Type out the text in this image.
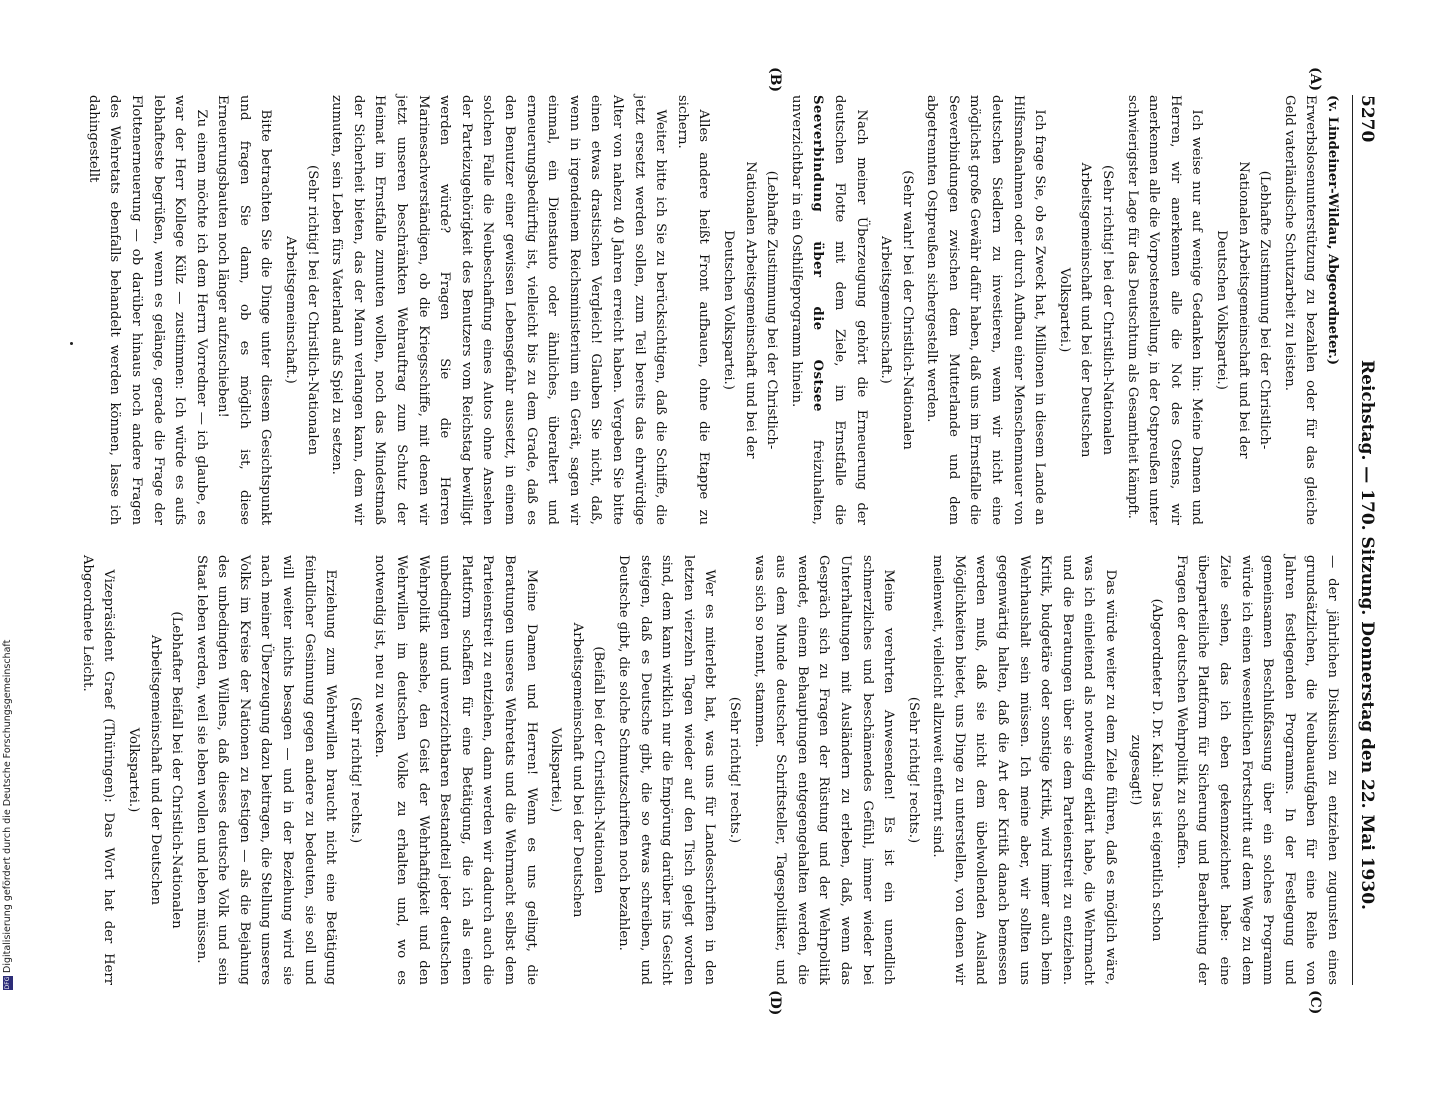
5270
Reichstag. — 170. Sitzung. Donnerstag den 22. Mai 1930.
(A)
(B)
(C)
(D)

(v. Lindeiner-Wildau, Abgeordneter.)

Erwerbslosenunterstützung zu bezahlen oder für das gleiche Geld vaterländische Schutzarbeit zu leisten.

(Lebhafte Zustimmung bei der Christlich-Nationalen Arbeitsgemeinschaft und bei der Deutschen Volkspartei.)

Ich weise nur auf wenige Gedanken hin: Meine Damen und Herren, wir anerkennen alle die Not des Ostens, wir anerkennen alle die Vorpostenstellung, in der Ostpreußen unter schwierigster Lage für das Deutschtum als Gesamtheit kämpft.

(Sehr richtig! bei der Christlich-Nationalen Arbeitsgemeinschaft und bei der Deutschen Volkspartei.)

Ich frage Sie, ob es Zweck hat, Millionen in diesem Lande an Hilfsmaßnahmen oder durch Aufbau einer Menschenmauer von deutschen Siedlern zu investieren, wenn wir nicht eine möglichst große Gewähr dafür haben, daß uns im Ernstfalle die Seeverbindungen zwischen dem Mutterlande und dem abgetrennten Ostpreußen sichergestellt werden.

(Sehr wahr! bei der Christlich-Nationalen Arbeitsgemeinschaft.)

Nach meiner Überzeugung gehört die Erneuerung der deutschen Flotte mit dem Ziele, im Ernstfalle die Seeverbindung über die Ostsee freizuhalten, unverzichtbar in ein Osthilfeprogramm hinein.

(Lebhafte Zustimmung bei der Christlich-Nationalen Arbeitsgemeinschaft und bei der Deutschen Volkspartei.)

Alles andere heißt Front aufbauen, ohne die Etappe zu sichern.

Weiter bitte ich Sie zu berücksichtigen, daß die Schiffe, die jetzt ersetzt werden sollen, zum Teil bereits das ehrwürdige Alter von nahezu 40 Jahren erreicht haben. Vergeben Sie bitte einen etwas drastischen Vergleich! Glauben Sie nicht, daß, wenn in irgendeinem Reichsministerium ein Gerät, sagen wir einmal, ein Dienstauto oder ähnliches, überaltert und erneuerungsbedürftig ist, vielleicht bis zu dem Grade, daß es den Benutzer einer gewissen Lebensgefahr aussetzt, in einem solchen Falle die Neubeschaffung eines Autos ohne Ansehen der Parteizugehörigkeit des Benutzers vom Reichstag bewilligt werden würde? Fragen Sie die Herren Marinesachverständigen, ob die Kriegsschiffe, mit denen wir jetzt unseren beschränkten Wehrauftrag zum Schutz der Heimat im Ernstfalle zumuten wollen, noch das Mindestmaß der Sicherheit bieten, das der Mann verlangen kann, dem wir zumuten, sein Leben fürs Vaterland aufs Spiel zu setzen.

(Sehr richtig! bei der Christlich-Nationalen Arbeitsgemeinschaft.)

Bitte betrachten Sie die Dinge unter diesem Gesichtspunkt und fragen Sie dann, ob es möglich ist, diese Erneuerungsbauten noch länger aufzuschieben!

Zu einem möchte ich dem Herrn Vorredner — ich glaube, es war der Herr Kollege Külz — zustimmen: Ich würde es aufs lebhafteste begrüßen, wenn es gelänge, gerade die Frage der Flottenerneuerung — ob darüber hinaus noch andere Fragen des Wehretats ebenfalls behandelt werden können, lasse ich dahingestellt

— der jährlichen Diskussion zu entziehen zugunsten eines grundsätzlichen, die Neubauaufgaben für eine Reihe von Jahren festlegenden Programms. In der Festlegung und gemeinsamen Beschlußfassung über ein solches Programm würde ich einen wesentlichen Fortschritt auf dem Wege zu dem Ziele sehen, das ich eben gekennzeichnet habe: eine überparteiliche Plattform für Sicherung und Bearbeitung der Fragen der deutschen Wehrpolitik zu schaffen.

(Abgeordneter D. Dr. Kahl: Das ist eigentlich schon zugesagt!)

Das würde weiter zu dem Ziele führen, daß es möglich wäre, was ich einleitend als notwendig erklärt habe, die Wehrmacht und die Beratungen über sie dem Parteienstreit zu entziehen. Kritik, budgetäre oder sonstige Kritik, wird immer auch beim Wehrhaushalt sein müssen. Ich meine aber, wir sollten uns gegenwärtig halten, daß die Art der Kritik danach bemessen werden muß, daß sie nicht dem übelwollenden Ausland Möglichkeiten bietet, uns Dinge zu unterstellen, von denen wir meilenweit, vielleicht allzuweit entfernt sind.

(Sehr richtig! rechts.)

Meine verehrten Anwesenden! Es ist ein unendlich schmerzliches und beschämendes Gefühl, immer wieder bei Unterhaltungen mit Ausländern zu erleben, daß, wenn das Gespräch sich zu Fragen der Rüstung und der Wehrpolitik wendet, einem Behauptungen entgegengehalten werden, die aus dem Munde deutscher Schriftsteller, Tagespolitiker, und was sich so nennt, stammen.

(Sehr richtig! rechts.)

Wer es miterlebt hat, was uns für Landesschriften in den letzten vierzehn Tagen wieder auf den Tisch gelegt worden sind, dem kann wirklich nur die Empörung darüber ins Gesicht steigen, daß es Deutsche gibt, die so etwas schreiben, und Deutsche gibt, die solche Schmutzschriften noch bezahlen.

(Beifall bei der Christlich-Nationalen Arbeitsgemeinschaft und bei der Deutschen Volkspartei.)

Meine Damen und Herren! Wenn es uns gelingt, die Beratungen unseres Wehretats und die Wehrmacht selbst dem Parteienstreit zu entziehen, dann werden wir dadurch auch die Plattform schaffen für eine Betätigung, die ich als einen unbedingten und unverzichtbaren Bestandteil jeder deutschen Wehrpolitik ansehe, den Geist der Wehrhaftigkeit und den Wehrwillen im deutschen Volke zu erhalten und, wo es notwendig ist, neu zu wecken.

(Sehr richtig! rechts.)

Erziehung zum Wehrwillen braucht nicht eine Betätigung feindlicher Gesinnung gegen andere zu bedeuten, sie soll und will weiter nichts besagen — und in der Beziehung wird sie nach meiner Überzeugung dazu beitragen, die Stellung unseres Volks im Kreise der Nationen zu festigen — als die Bejahung des unbedingten Willens, daß dieses deutsche Volk und sein Staat leben werden, weil sie leben wollen und leben müssen.

(Lebhafter Beifall bei der Christlich-Nationalen Arbeitsgemeinschaft und der Deutschen Volkspartei.)

Vizepräsident Graef (Thüringen): Das Wort hat der Herr Abgeordnete Leicht.

DFGDigitalisierung gefördert durch die Deutsche Forschungsgemeinschaft
